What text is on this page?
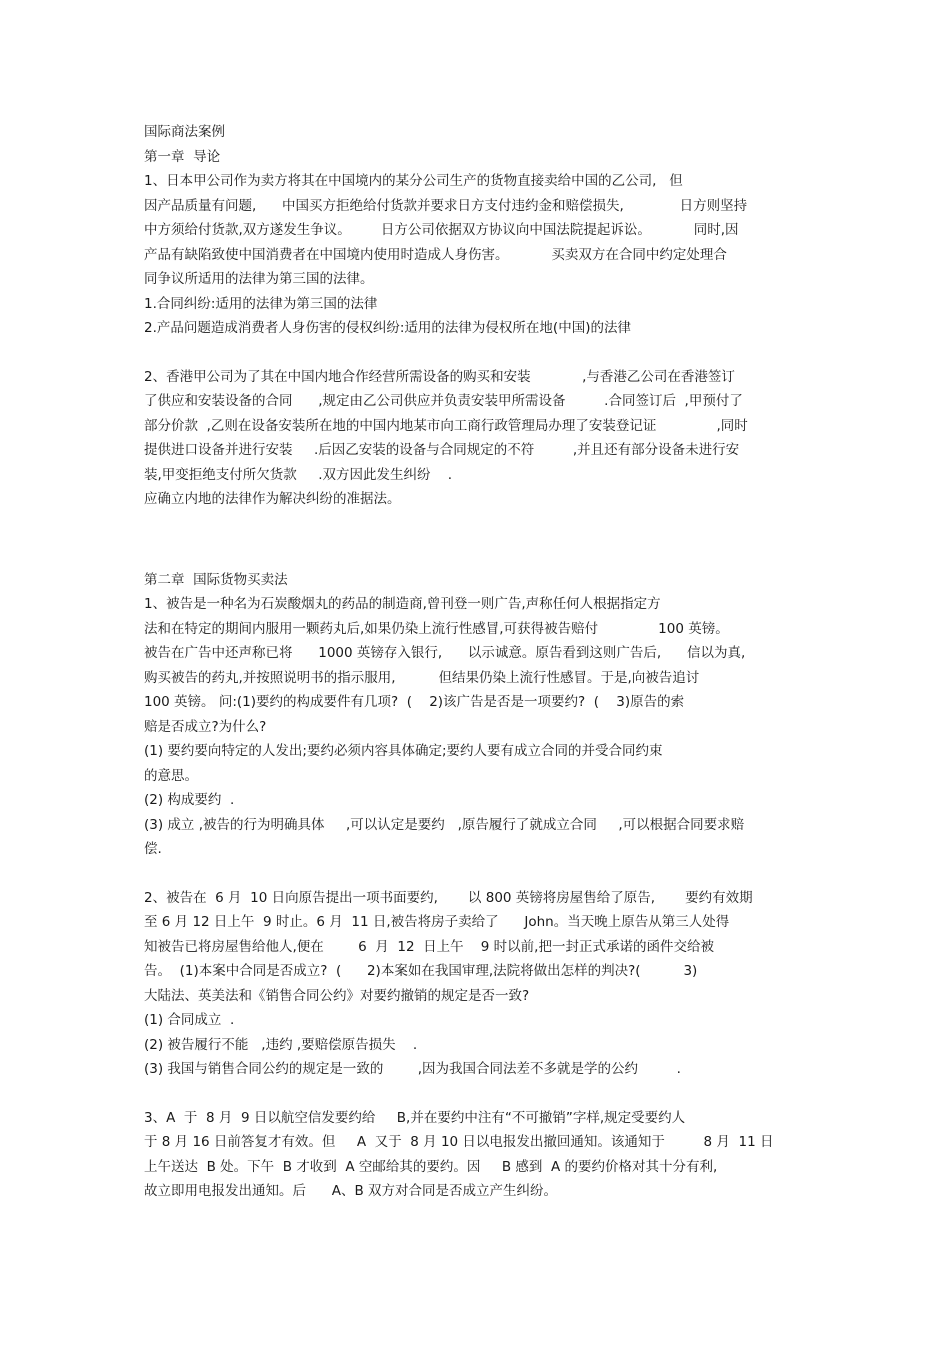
国际商法案例
第一章  导论
1、日本甲公司作为卖方将其在中国境内的某分公司生产的货物直接卖给中国的乙公司,   但
因产品质量有问题,      中国买方拒绝给付货款并要求日方支付违约金和赔偿损失,             日方则坚持
中方须给付货款,双方遂发生争议。       日方公司依据双方协议向中国法院提起诉讼。          同时,因
产品有缺陷致使中国消费者在中国境内使用时造成人身伤害。          买卖双方在合同中约定处理合
同争议所适用的法律为第三国的法律。
1.合同纠纷:适用的法律为第三国的法律
2.产品问题造成消费者人身伤害的侵权纠纷:适用的法律为侵权所在地(中国)的法律
2、香港甲公司为了其在中国内地合作经营所需设备的购买和安装            ,与香港乙公司在香港签订
了供应和安装设备的合同      ,规定由乙公司供应并负责安装甲所需设备         .合同签订后  ,甲预付了
部分价款  ,乙则在设备安装所在地的中国内地某市向工商行政管理局办理了安装登记证              ,同时
提供进口设备并进行安装     .后因乙安装的设备与合同规定的不符         ,并且还有部分设备未进行安
装,甲变拒绝支付所欠货款     .双方因此发生纠纷    .
应确立内地的法律作为解决纠纷的准据法。
第二章  国际货物买卖法
1、被告是一种名为石炭酸烟丸的药品的制造商,曾刊登一则广告,声称任何人根据指定方
法和在特定的期间内服用一颗药丸后,如果仍染上流行性感冒,可获得被告赔付              100 英镑。
被告在广告中还声称已将      1000 英镑存入银行,      以示诚意。原告看到这则广告后,      信以为真,
购买被告的药丸,并按照说明书的指示服用,          但结果仍染上流行性感冒。于是,向被告追讨
100 英镑。 问:(1)要约的构成要件有几项?  (    2)该广告是否是一项要约?  (    3)原告的索
赔是否成立?为什么?
(1) 要约要向特定的人发出;要约必须内容具体确定;要约人要有成立合同的并受合同约束
的意思。
(2) 构成要约  .
(3) 成立 ,被告的行为明确具体     ,可以认定是要约   ,原告履行了就成立合同     ,可以根据合同要求赔
偿.
2、被告在  6 月  10 日向原告提出一项书面要约,       以 800 英镑将房屋售给了原告,       要约有效期
至 6 月 12 日上午  9 时止。6 月  11 日,被告将房子卖给了      John。当天晚上原告从第三人处得
知被告已将房屋售给他人,便在        6  月  12  日上午    9 时以前,把一封正式承诺的函件交给被
告。  (1)本案中合同是否成立?  (      2)本案如在我国审理,法院将做出怎样的判决?(          3)
大陆法、英美法和《销售合同公约》对要约撤销的规定是否一致?
(1) 合同成立  .
(2) 被告履行不能   ,违约 ,要赔偿原告损失    .
(3) 我国与销售合同公约的规定是一致的        ,因为我国合同法差不多就是学的公约         .
3、A  于  8 月  9 日以航空信发要约给     B,并在要约中注有“不可撤销”字样,规定受要约人
于 8 月 16 日前答复才有效。但     A  又于  8 月 10 日以电报发出撤回通知。该通知于         8 月  11 日
上午送达  B 处。下午  B 才收到  A 空邮给其的要约。因     B 感到  A 的要约价格对其十分有利,
故立即用电报发出通知。后      A、B 双方对合同是否成立产生纠纷。
